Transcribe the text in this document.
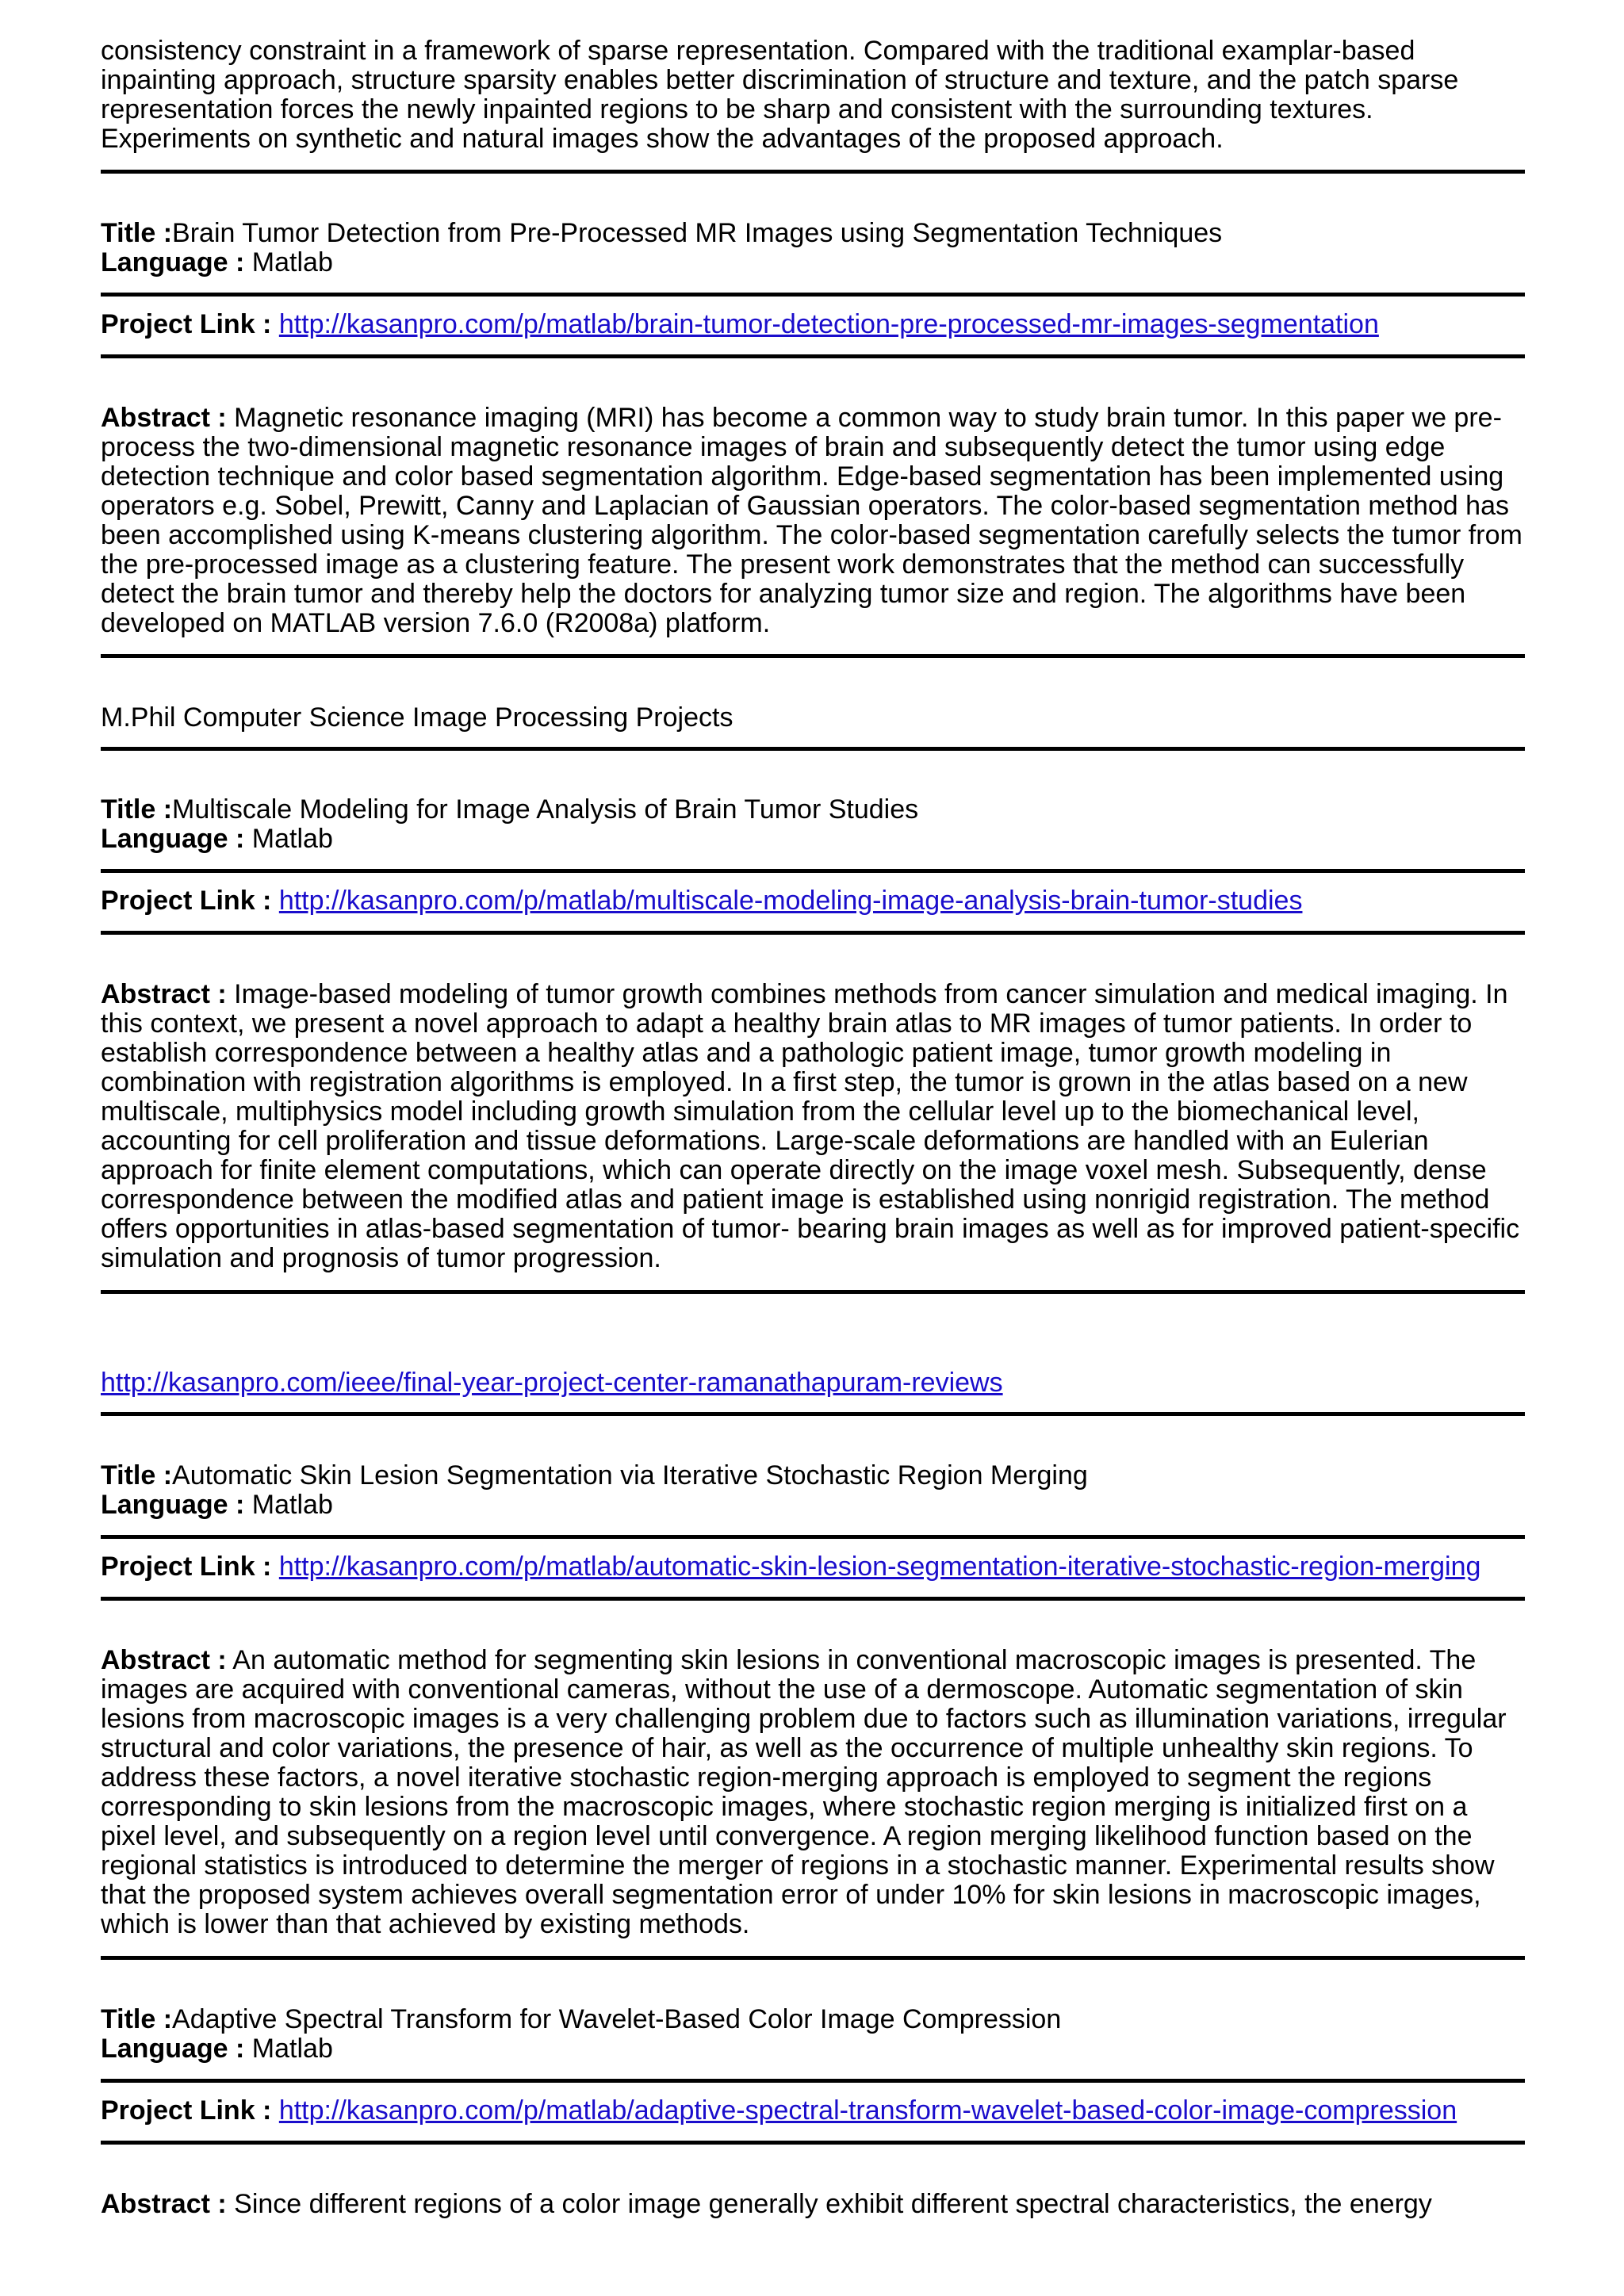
consistency constraint in a framework of sparse representation. Compared with the traditional examplar-based inpainting approach, structure sparsity enables better discrimination of structure and texture, and the patch sparse representation forces the newly inpainted regions to be sharp and consistent with the surrounding textures. Experiments on synthetic and natural images show the advantages of the proposed approach.

Title :Brain Tumor Detection from Pre-Processed MR Images using Segmentation Techniques
Language : Matlab
Project Link : http://kasanpro.com/p/matlab/brain-tumor-detection-pre-processed-mr-images-segmentation

Abstract : Magnetic resonance imaging (MRI) has become a common way to study brain tumor. In this paper we pre-process the two-dimensional magnetic resonance images of brain and subsequently detect the tumor using edge detection technique and color based segmentation algorithm. Edge-based segmentation has been implemented using operators e.g. Sobel, Prewitt, Canny and Laplacian of Gaussian operators. The color-based segmentation method has been accomplished using K-means clustering algorithm. The color-based segmentation carefully selects the tumor from the pre-processed image as a clustering feature. The present work demonstrates that the method can successfully detect the brain tumor and thereby help the doctors for analyzing tumor size and region. The algorithms have been developed on MATLAB version 7.6.0 (R2008a) platform.

M.Phil Computer Science Image Processing Projects
Title :Multiscale Modeling for Image Analysis of Brain Tumor Studies
Language : Matlab
Project Link : http://kasanpro.com/p/matlab/multiscale-modeling-image-analysis-brain-tumor-studies

Abstract : Image-based modeling of tumor growth combines methods from cancer simulation and medical imaging. In this context, we present a novel approach to adapt a healthy brain atlas to MR images of tumor patients. In order to establish correspondence between a healthy atlas and a pathologic patient image, tumor growth modeling in combination with registration algorithms is employed. In a first step, the tumor is grown in the atlas based on a new multiscale, multiphysics model including growth simulation from the cellular level up to the biomechanical level, accounting for cell proliferation and tissue deformations. Large-scale deformations are handled with an Eulerian approach for finite element computations, which can operate directly on the image voxel mesh. Subsequently, dense correspondence between the modified atlas and patient image is established using nonrigid registration. The method offers opportunities in atlas-based segmentation of tumor- bearing brain images as well as for improved patient-specific simulation and prognosis of tumor progression.

http://kasanpro.com/ieee/final-year-project-center-ramanathapuram-reviews
Title :Automatic Skin Lesion Segmentation via Iterative Stochastic Region Merging
Language : Matlab
Project Link : http://kasanpro.com/p/matlab/automatic-skin-lesion-segmentation-iterative-stochastic-region-merging

Abstract : An automatic method for segmenting skin lesions in conventional macroscopic images is presented. The images are acquired with conventional cameras, without the use of a dermoscope. Automatic segmentation of skin lesions from macroscopic images is a very challenging problem due to factors such as illumination variations, irregular structural and color variations, the presence of hair, as well as the occurrence of multiple unhealthy skin regions. To address these factors, a novel iterative stochastic region-merging approach is employed to segment the regions corresponding to skin lesions from the macroscopic images, where stochastic region merging is initialized first on a pixel level, and subsequently on a region level until convergence. A region merging likelihood function based on the regional statistics is introduced to determine the merger of regions in a stochastic manner. Experimental results show that the proposed system achieves overall segmentation error of under 10% for skin lesions in macroscopic images, which is lower than that achieved by existing methods.

Title :Adaptive Spectral Transform for Wavelet-Based Color Image Compression
Language : Matlab
Project Link : http://kasanpro.com/p/matlab/adaptive-spectral-transform-wavelet-based-color-image-compression

Abstract : Since different regions of a color image generally exhibit different spectral characteristics, the energy
